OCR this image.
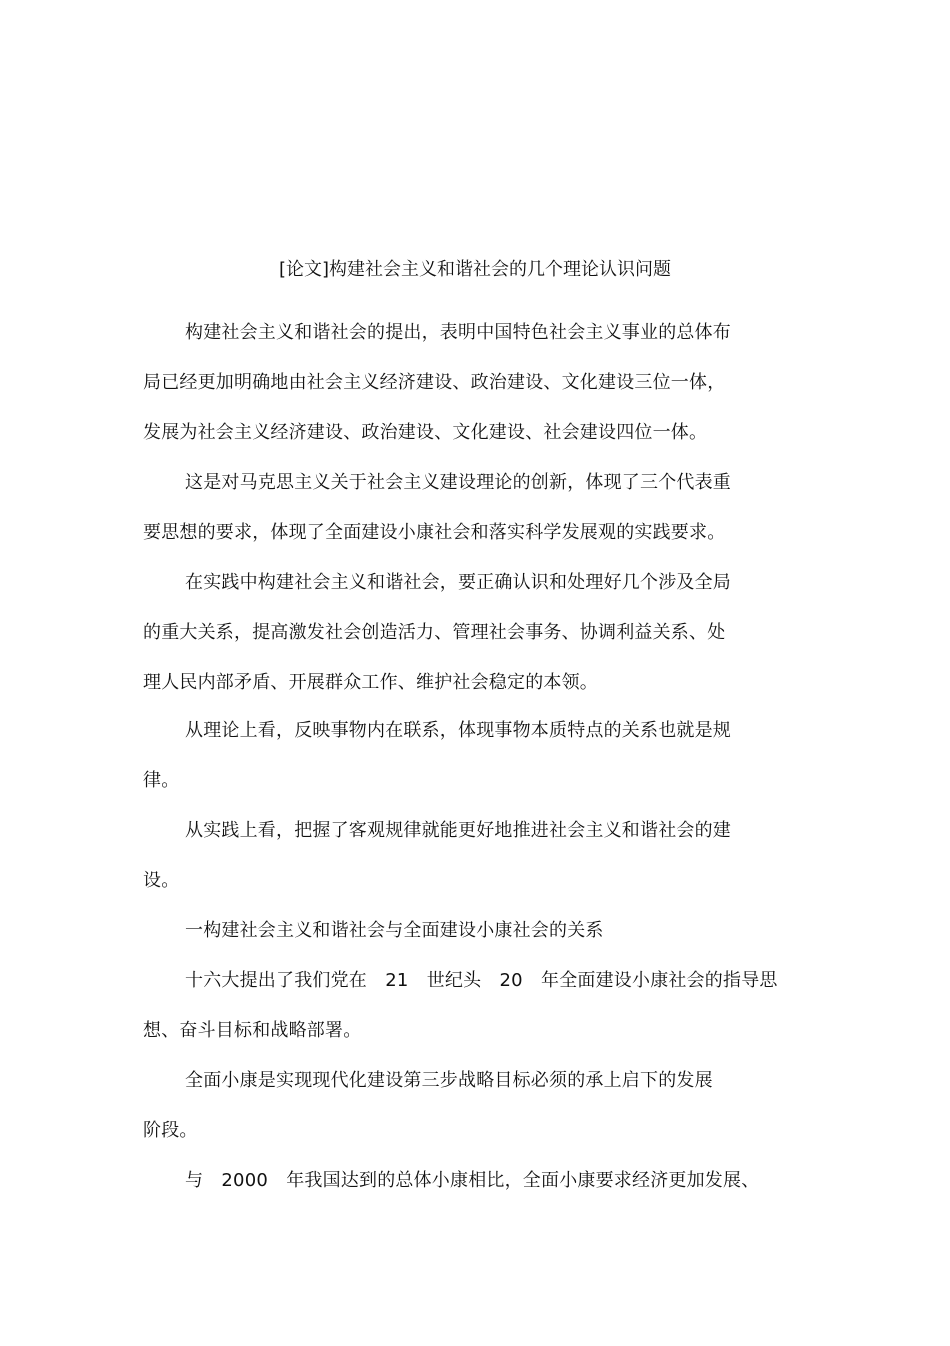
[论文]构建社会主义和谐社会的几个理论认识问题
构建社会主义和谐社会的提出，表明中国特色社会主义事业的总体布
局已经更加明确地由社会主义经济建设、政治建设、文化建设三位一体，
发展为社会主义经济建设、政治建设、文化建设、社会建设四位一体。
这是对马克思主义关于社会主义建设理论的创新，体现了三个代表重
要思想的要求，体现了全面建设小康社会和落实科学发展观的实践要求。
在实践中构建社会主义和谐社会，要正确认识和处理好几个涉及全局
的重大关系，提高激发社会创造活力、管理社会事务、协调利益关系、处
理人民内部矛盾、开展群众工作、维护社会稳定的本领。
从理论上看，反映事物内在联系，体现事物本质特点的关系也就是规
律。
从实践上看，把握了客观规律就能更好地推进社会主义和谐社会的建
设。
一构建社会主义和谐社会与全面建设小康社会的关系
十六大提出了我们党在　21　世纪头　20　年全面建设小康社会的指导思
想、奋斗目标和战略部署。
全面小康是实现现代化建设第三步战略目标必须的承上启下的发展
阶段。
与　2000　年我国达到的总体小康相比，全面小康要求经济更加发展、
